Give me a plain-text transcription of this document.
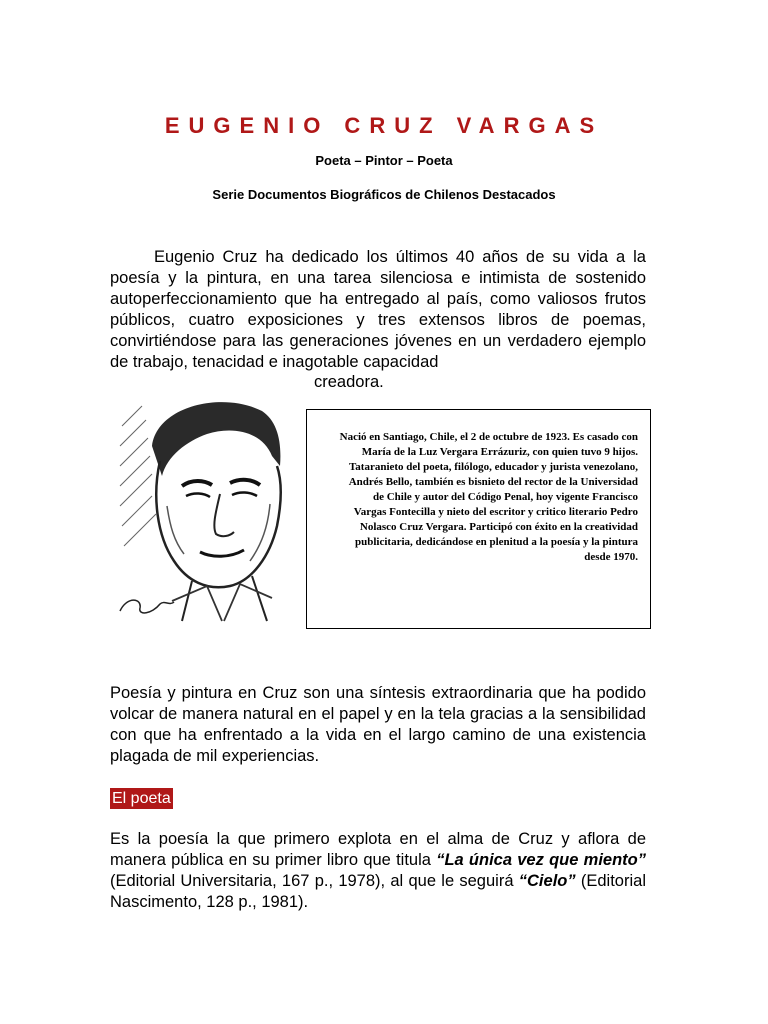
EUGENIO CRUZ VARGAS

Poeta – Pintor – Poeta

Serie Documentos Biográficos de Chilenos Destacados

Eugenio Cruz ha dedicado los últimos 40 años de su vida a la poesía y la pintura, en una tarea silenciosa e intimista de sostenido autoperfeccionamiento que ha entregado al país, como valiosos frutos públicos, cuatro exposiciones y tres extensos libros de poemas, convirtiéndose para las generaciones jóvenes en un verdadero ejemplo de trabajo, tenacidad e inagotable capacidad

creadora.

Nació en Santiago, Chile, el 2 de octubre de 1923. Es casado con María de la Luz Vergara Errázuriz, con quien tuvo 9 hijos. Tataranieto del poeta, filólogo, educador y jurista venezolano, Andrés Bello, también es bisnieto del rector de la Universidad de Chile y autor del Código Penal, hoy vigente Francisco Vargas Fontecilla y nieto del escritor y critico literario Pedro Nolasco Cruz Vergara. Participó con éxito en la creatividad publicitaria, dedicándose en plenitud a la poesía y la pintura desde 1970.

Poesía y pintura en Cruz son una síntesis extraordinaria que ha podido volcar de manera natural en el papel y en la tela gracias a la sensibilidad con que ha enfrentado a la vida en el largo camino de una existencia plagada de mil experiencias.

El poeta

Es la poesía la que primero explota en el alma de Cruz y aflora de manera pública en su primer libro que titula “La única vez que miento” (Editorial Universitaria, 167 p., 1978), al que le seguirá “Cielo” (Editorial Nascimento, 128 p., 1981).
